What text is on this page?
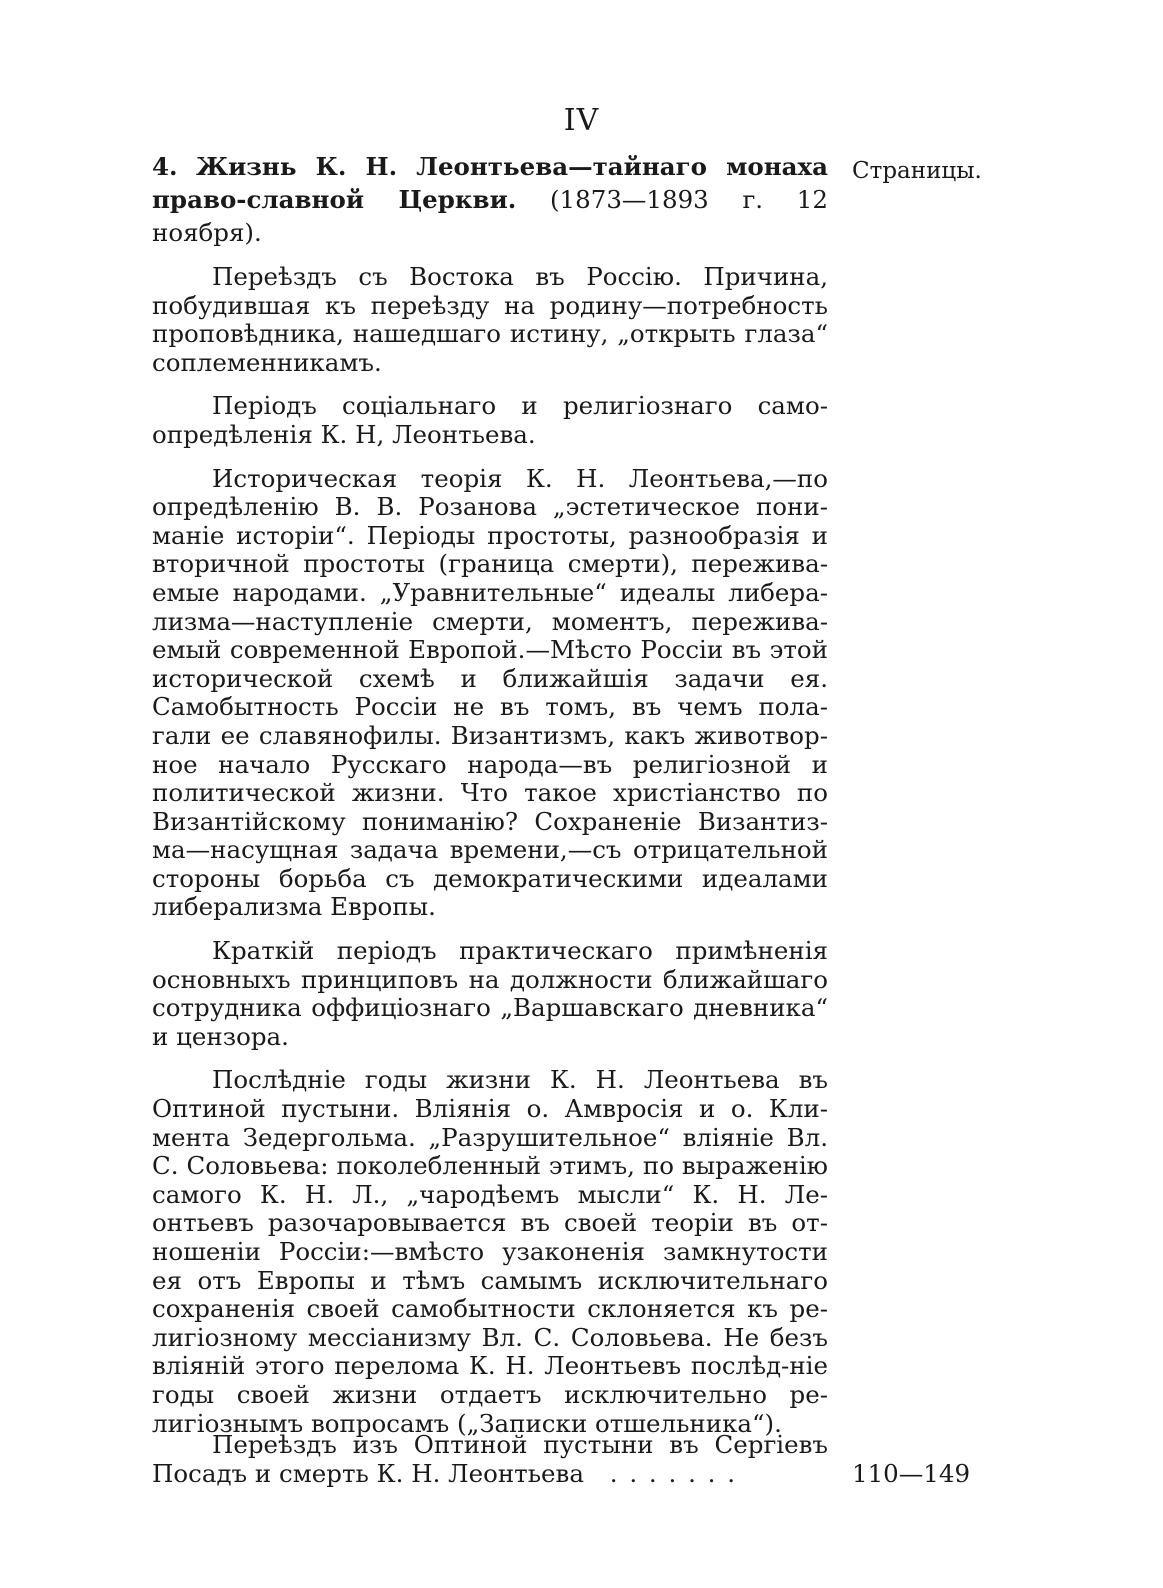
IV
Страницы.

4. Жизнь К. Н. Леонтьева—тайнаго монаха право-славной Церкви. (1873—1893 г. 12 ноября).

Переѣздъ съ Востока въ Россію. Причина, побудившая къ переѣзду на родину—потребность проповѣдника, нашедшаго истину, „открыть глаза“ соплеменникамъ.

Періодъ соціальнаго и религіознаго само-опредѣленія К. Н, Леонтьева.

Историческая теорія К. Н. Леонтьева,—по опредѣленію В. В. Розанова „эстетическое пони-маніе исторіи“. Періоды простоты, разнообразія и вторичной простоты (граница смерти), пережива-емые народами. „Уравнительные“ идеалы либера-лизма—наступленіе смерти, моментъ, пережива-емый современной Европой.—Мѣсто Россіи въ этой исторической схемѣ и ближайшія задачи ея. Самобытность Россіи не въ томъ, въ чемъ пола-гали ее славянофилы. Византизмъ, какъ животвор-ное начало Русскаго народа—въ религіозной и политической жизни. Что такое христіанство по Византійскому пониманію? Сохраненіе Византиз-ма—насущная задача времени,—съ отрицательной стороны борьба съ демократическими идеалами либерализма Европы.

Краткій періодъ практическаго примѣненія основныхъ принциповъ на должности ближайшаго сотрудника оффиціознаго „Варшавскаго дневника“ и цензора.

Послѣдніе годы жизни К. Н. Леонтьева въ Оптиной пустыни. Вліянія о. Амвросія и о. Кли-мента Зедергольма. „Разрушительное“ вліяніе Вл. С. Соловьева: поколебленный этимъ, по выраженію самого К. Н. Л., „чародѣемъ мысли“ К. Н. Ле-онтьевъ разочаровывается въ своей теоріи въ от-ношеніи Россіи:—вмѣсто узаконенія замкнутости ея отъ Европы и тѣмъ самымъ исключительнаго сохраненія своей самобытности склоняется къ ре-лигіозному мессіанизму Вл. С. Соловьева. Не безъ вліяній этого перелома К. Н. Леонтьевъ послѣд-ніе годы своей жизни отдаетъ исключительно ре-лигіознымъ вопросамъ („Записки отшельника“).

Переѣздъ изъ Оптиной пустыни въ Сергіевъ
Посадъ и смерть К. Н. Леонтьева . . . . . . .	110—149
